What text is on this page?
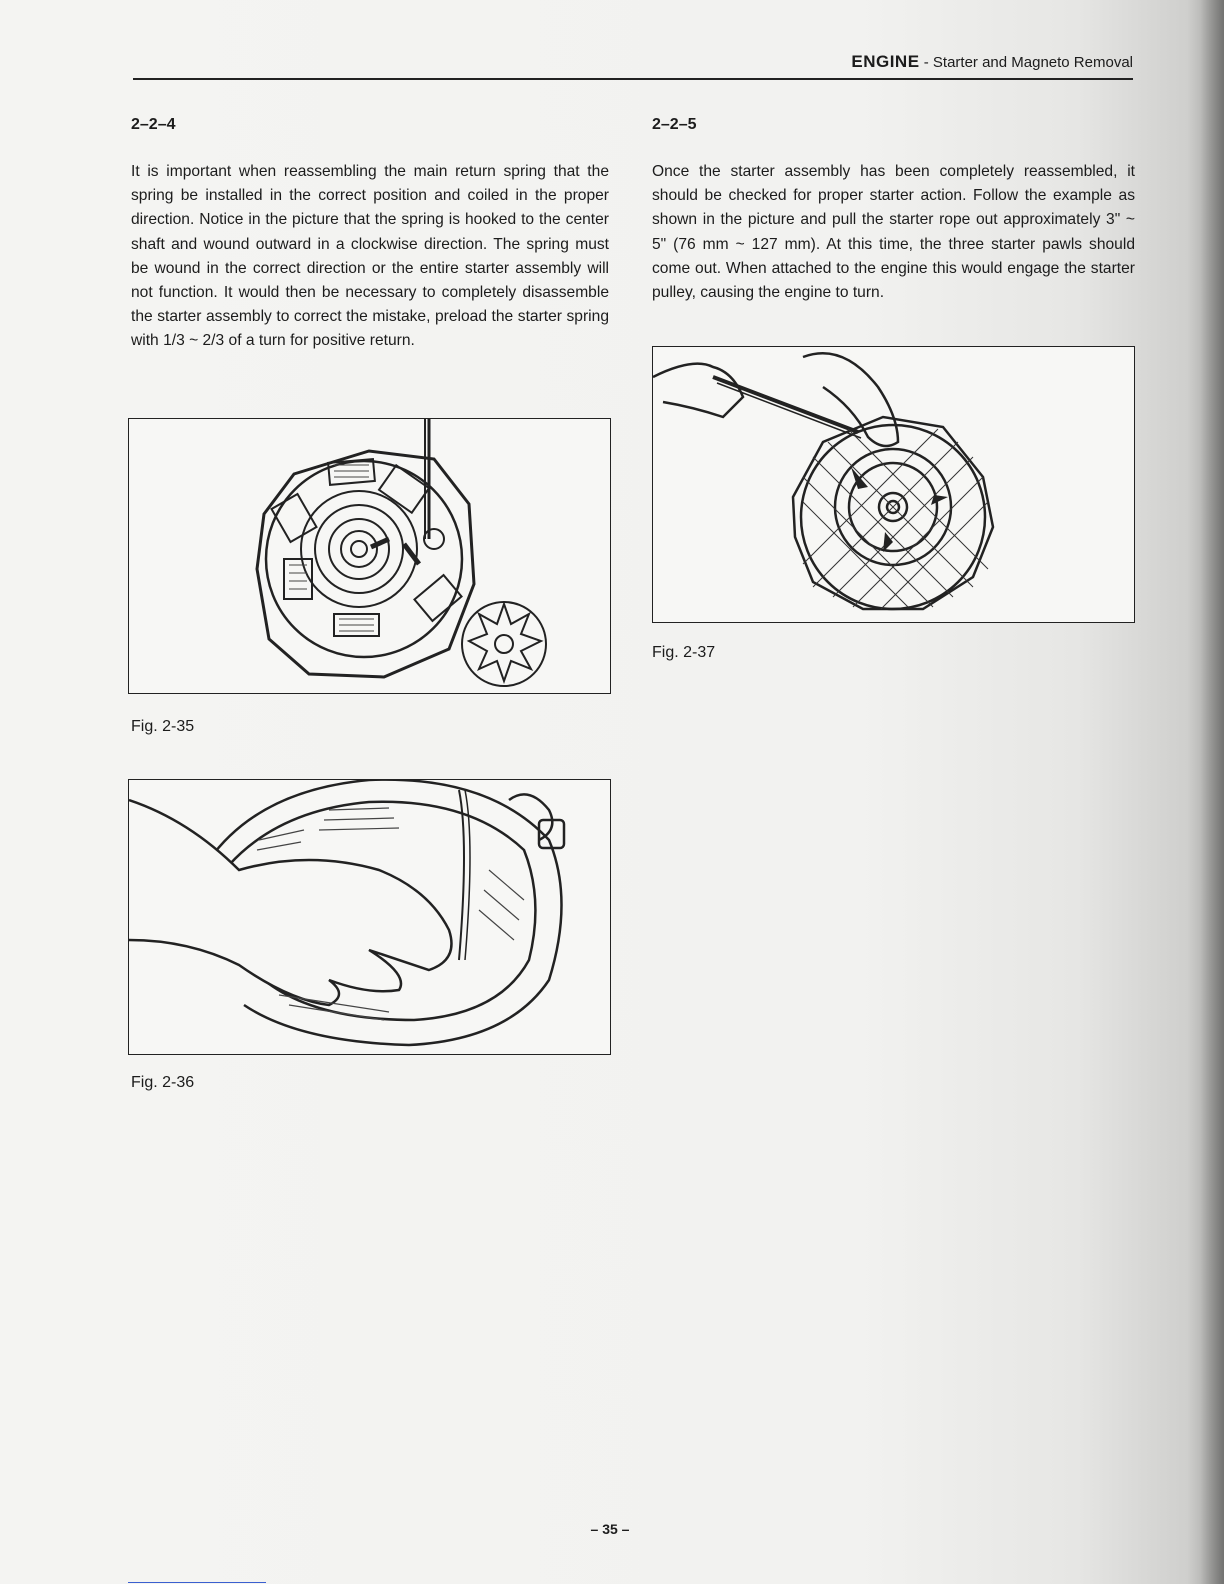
ENGINE - Starter and Magneto Removal
2–2–4
It is important when reassembling the main return spring that the spring be installed in the correct position and coiled in the proper direction. Notice in the picture that the spring is hooked to the center shaft and wound outward in a clockwise direction. The spring must be wound in the correct direction or the entire starter assembly will not function. It would then be necessary to completely disassemble the starter assembly to correct the mistake, preload the starter spring with 1/3 ~ 2/3 of a turn for positive return.
Fig. 2-35
Fig. 2-36
2–2–5
Once the starter assembly has been completely reassembled, it should be checked for proper starter action. Follow the example as shown in the picture and pull the starter rope out approximately 3" ~ 5" (76 mm ~ 127 mm). At this time, the three starter pawls should come out. When attached to the engine this would engage the starter pulley, causing the engine to turn.
Fig. 2-37
– 35 –
